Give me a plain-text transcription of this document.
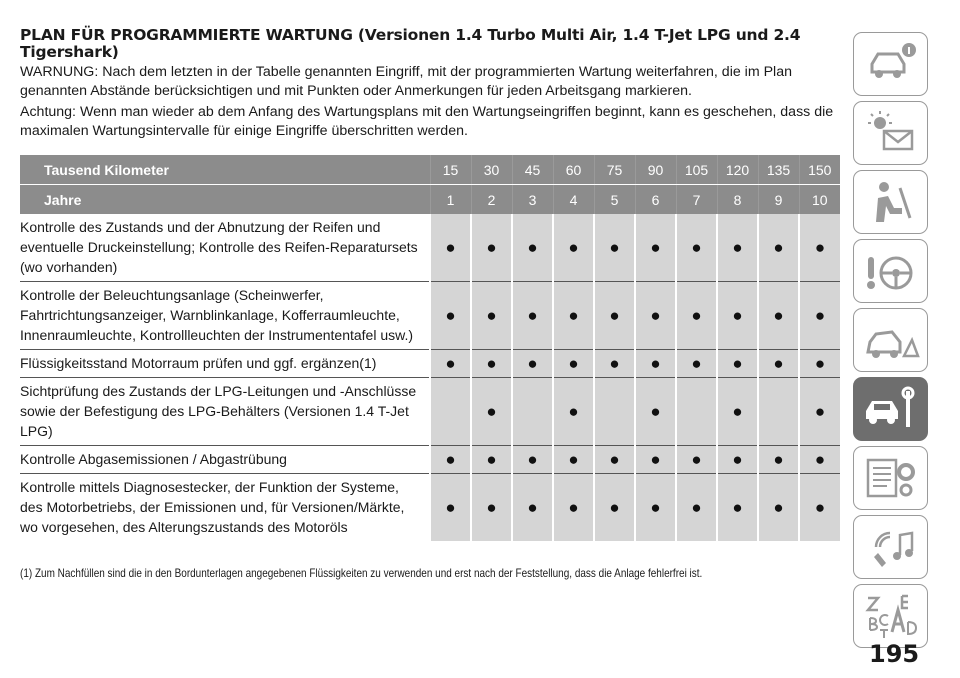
PLAN FÜR PROGRAMMIERTE WARTUNG (Versionen 1.4 Turbo Multi Air, 1.4 T-Jet LPG und 2.4 Tigershark)
WARNUNG: Nach dem letzten in der Tabelle genannten Eingriff, mit der programmierten Wartung weiterfahren, die im Plan genannten Abstände berücksichtigen und mit Punkten oder Anmerkungen für jeden Arbeitsgang markieren.
Achtung: Wenn man wieder ab dem Anfang des Wartungsplans mit den Wartungseingriffen beginnt, kann es geschehen, dass die maximalen Wartungsintervalle für einige Eingriffe überschritten werden.
Tausend Kilometer	15	30	45	60	75	90	105	120	135	150
Jahre	1	2	3	4	5	6	7	8	9	10
Kontrolle des Zustands und der Abnutzung der Reifen und eventuelle Druckeinstellung; Kontrolle des Reifen-Reparatursets (wo vorhanden)	●	●	●	●	●	●	●	●	●	●
Kontrolle der Beleuchtungsanlage (Scheinwerfer, Fahrtrichtungsanzeiger, Warnblinkanlage, Kofferraumleuchte, Innenraumleuchte, Kontrollleuchten der Instrumententafel usw.)	●	●	●	●	●	●	●	●	●	●
Flüssigkeitsstand Motorraum prüfen und ggf. ergänzen(1)	●	●	●	●	●	●	●	●	●	●
Sichtprüfung des Zustands der LPG-Leitungen und -Anschlüsse sowie der Befestigung des LPG-Behälters (Versionen 1.4 T-Jet LPG)		●		●		●		●		●
Kontrolle Abgasemissionen / Abgastrübung	●	●	●	●	●	●	●	●	●	●
Kontrolle mittels Diagnosestecker, der Funktion der Systeme, des Motorbetriebs, der Emissionen und, für Versionen/Märkte, wo vorgesehen, des Alterungszustands des Motoröls	●	●	●	●	●	●	●	●	●	●
(1) Zum Nachfüllen sind die in den Bordunterlagen angegebenen Flüssigkeiten zu verwenden und erst nach der Feststellung, dass die Anlage fehlerfrei ist.
195
